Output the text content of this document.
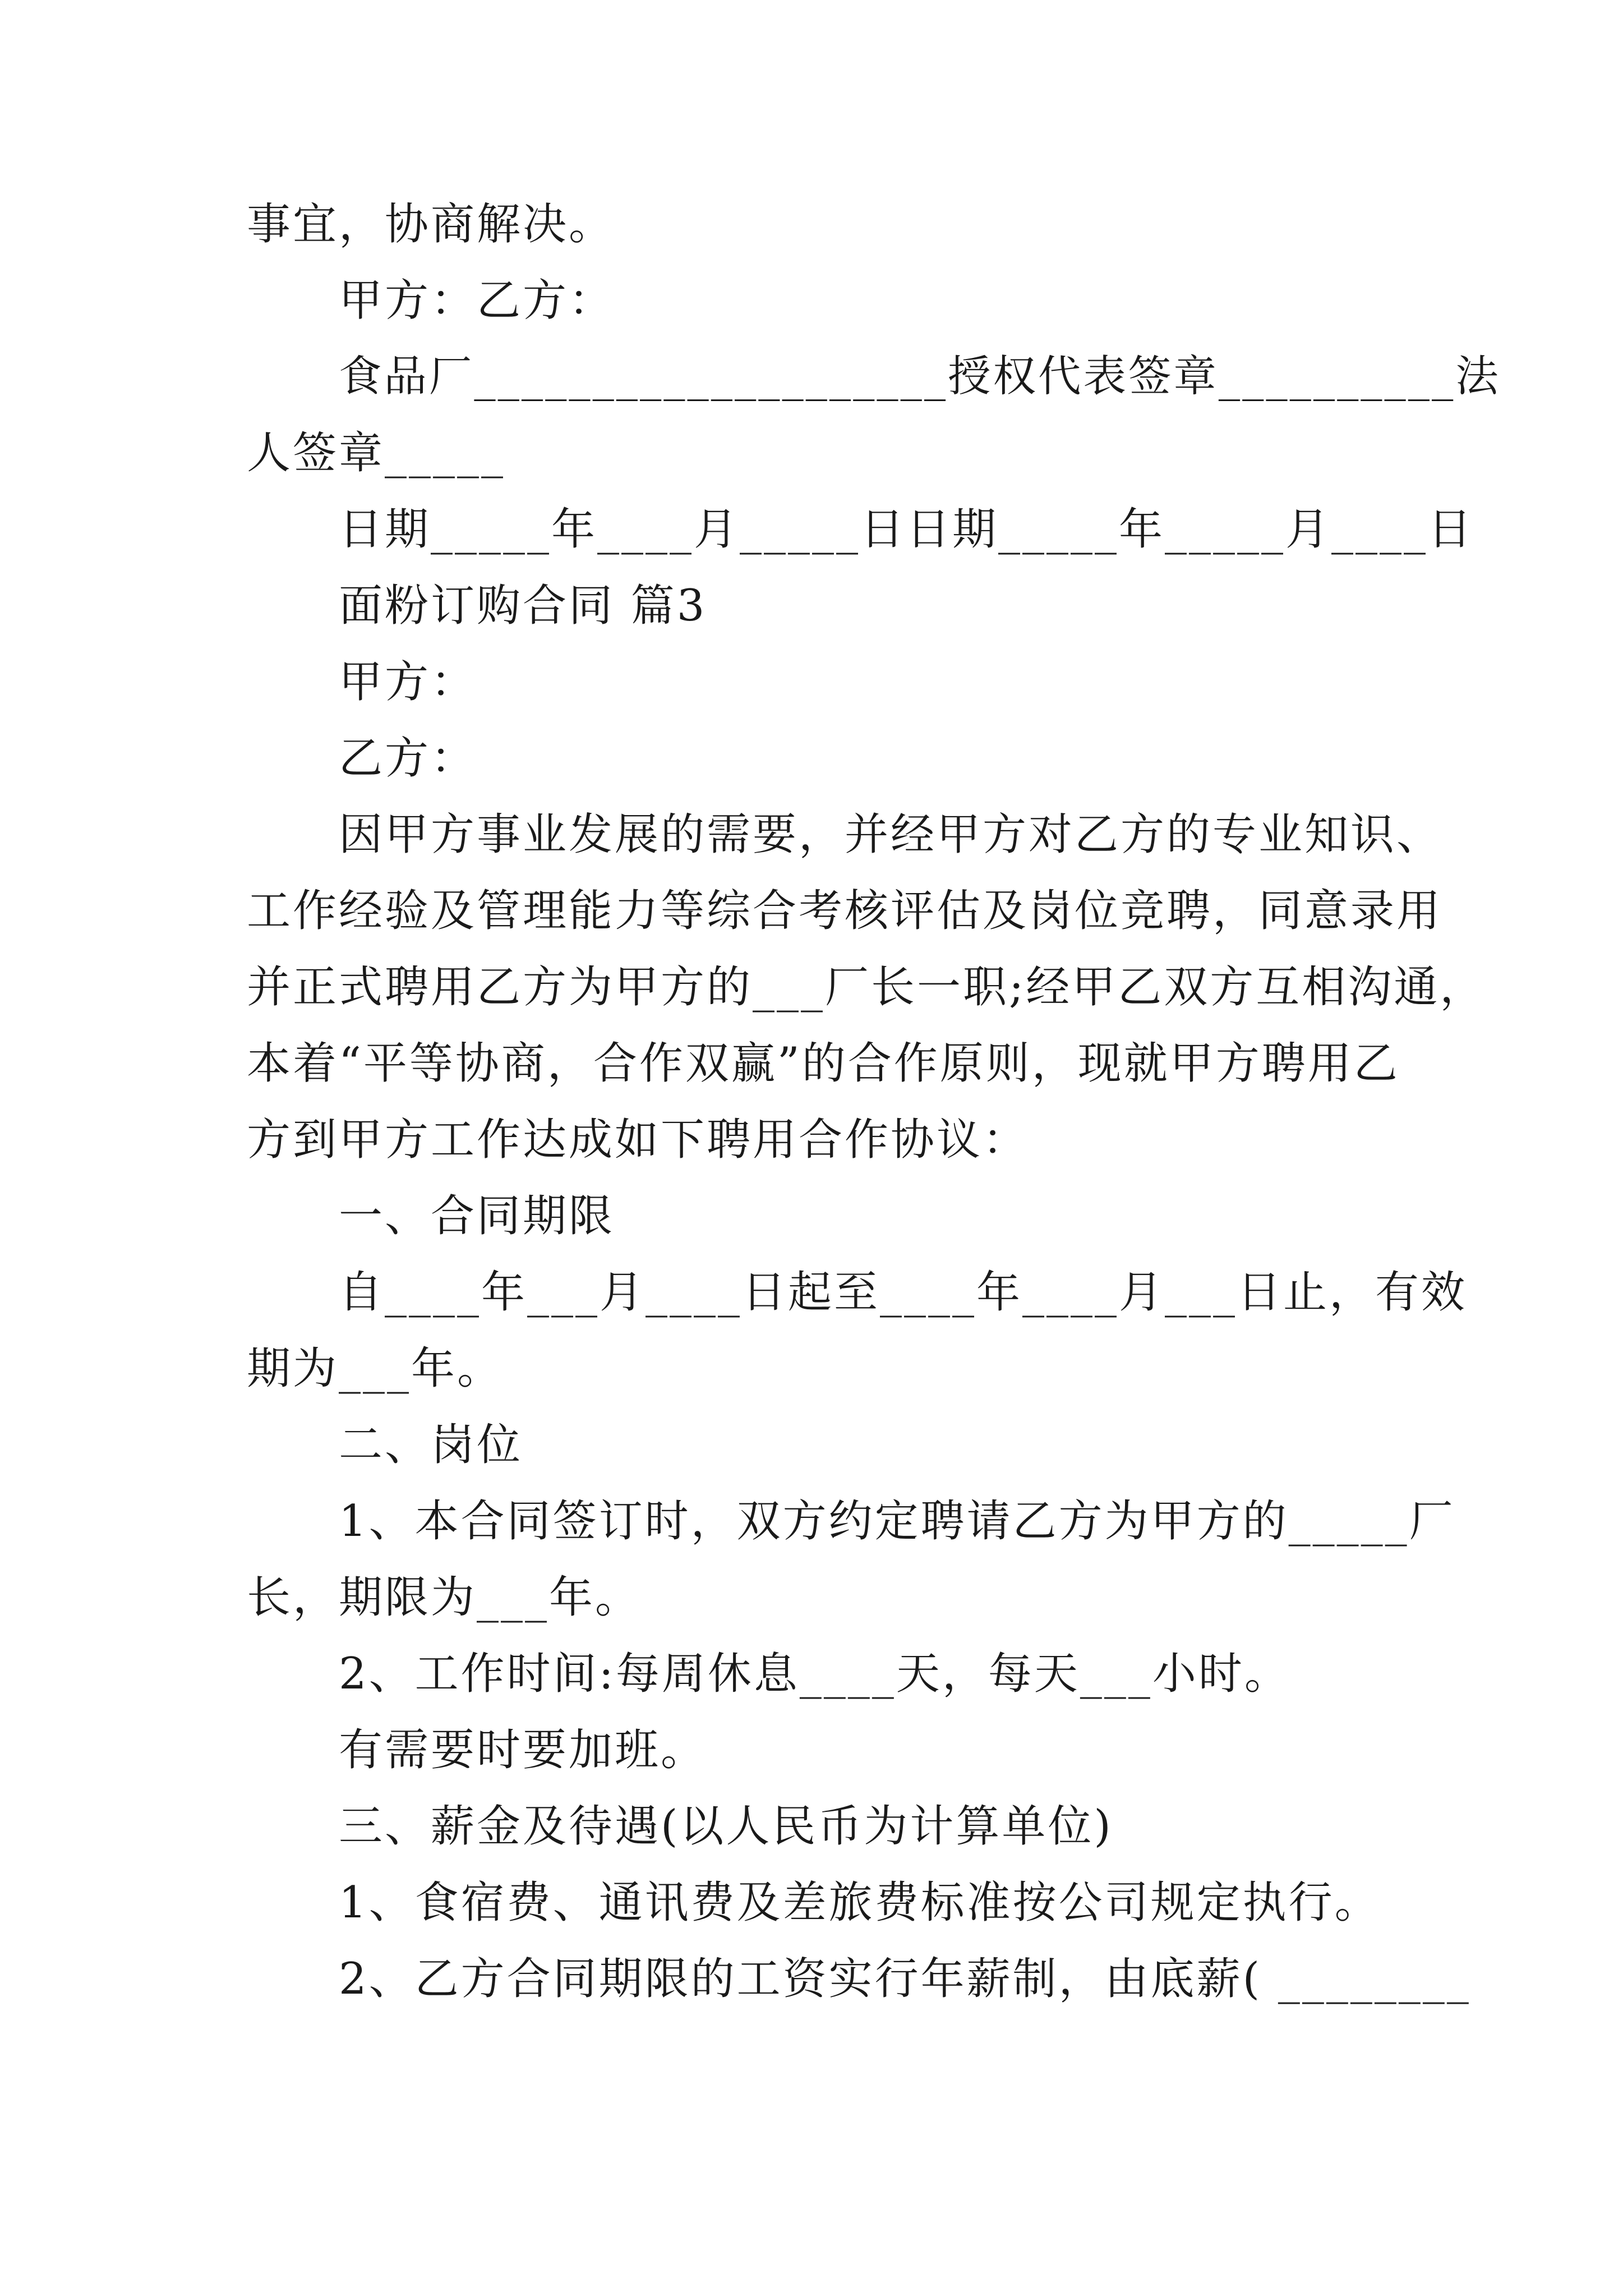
事宜，协商解决。

甲方：乙方：

食品厂____________________授权代表签章__________法

人签章_____

日期_____年____月_____日日期_____年_____月____日

面粉订购合同 篇3

甲方：

乙方：

因甲方事业发展的需要，并经甲方对乙方的专业知识、

工作经验及管理能力等综合考核评估及岗位竞聘，同意录用

并正式聘用乙方为甲方的___厂长一职;经甲乙双方互相沟通，

本着“平等协商，合作双赢”的合作原则，现就甲方聘用乙

方到甲方工作达成如下聘用合作协议：

一、合同期限

自____年___月____日起至____年____月___日止，有效

期为___年。

二、岗位

1、本合同签订时，双方约定聘请乙方为甲方的_____厂

长，期限为___年。

2、工作时间:每周休息____天，每天___小时。

有需要时要加班。

三、薪金及待遇(以人民币为计算单位)

1、食宿费、通讯费及差旅费标准按公司规定执行。

2、乙方合同期限的工资实行年薪制，由底薪( ________
